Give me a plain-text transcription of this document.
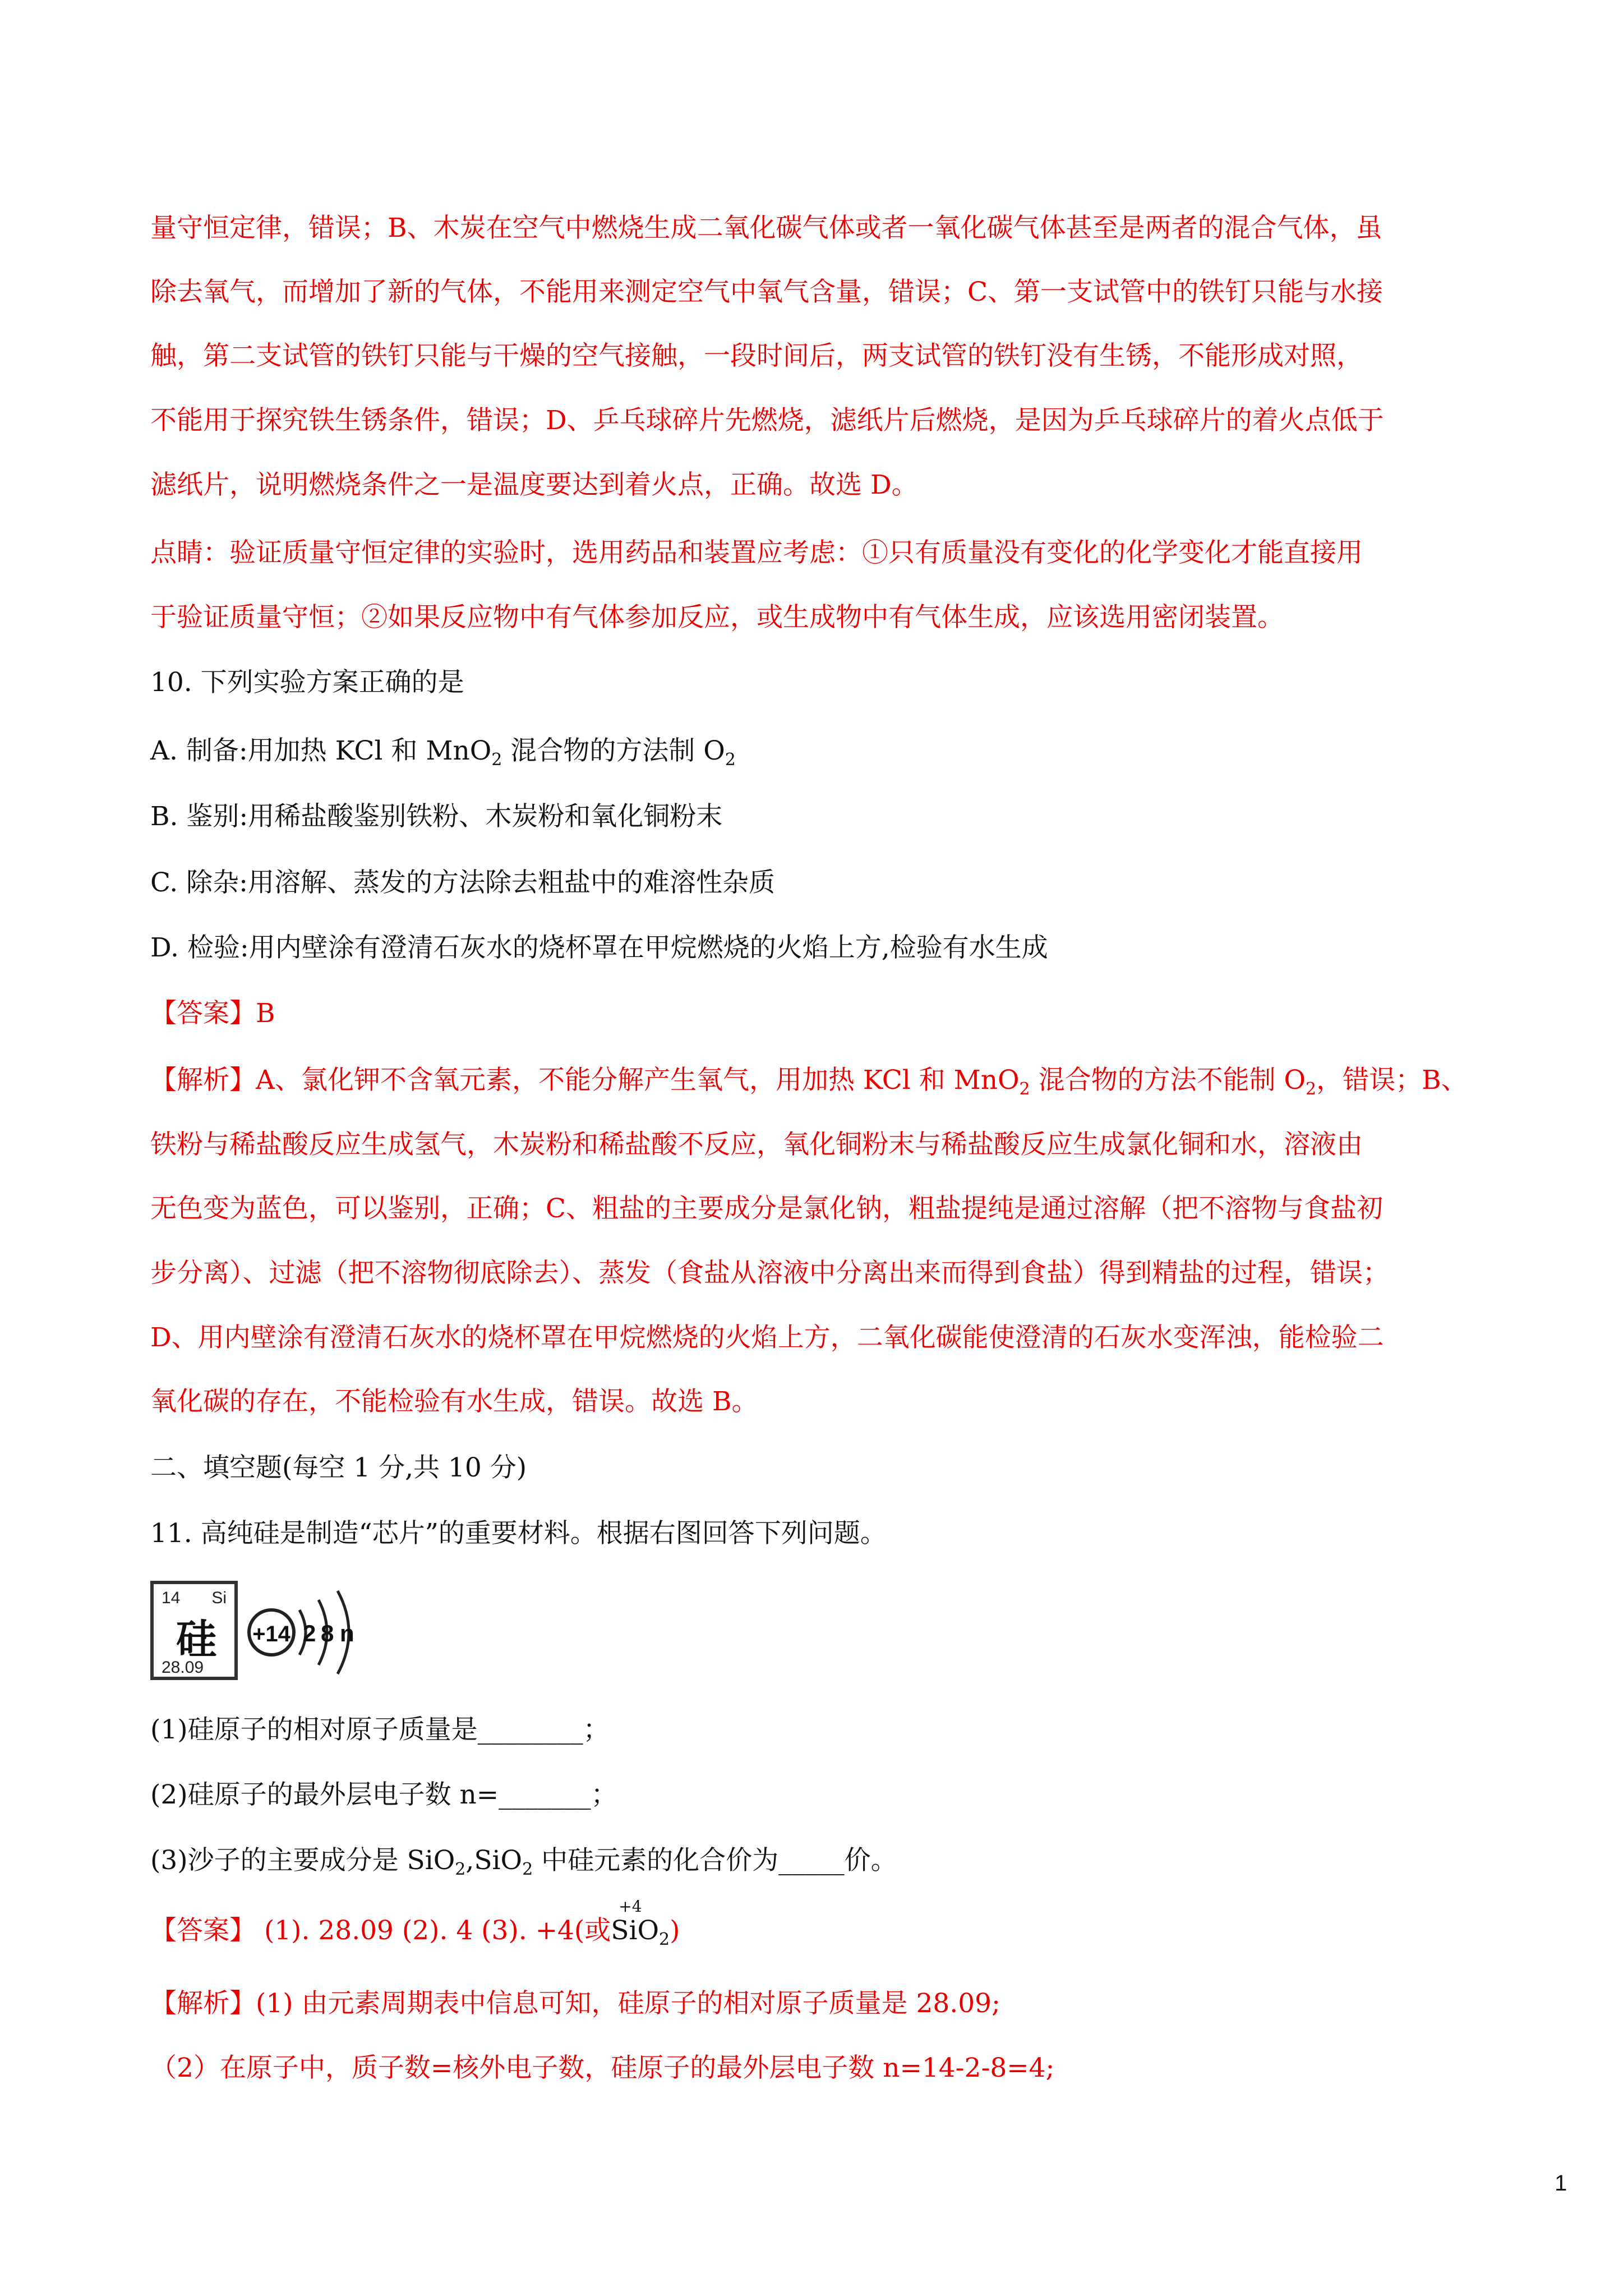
量守恒定律，错误；B、木炭在空气中燃烧生成二氧化碳气体或者一氧化碳气体甚至是两者的混合气体，虽
除去氧气，而增加了新的气体，不能用来测定空气中氧气含量，错误；C、第一支试管中的铁钉只能与水接
触，第二支试管的铁钉只能与干燥的空气接触，一段时间后，两支试管的铁钉没有生锈，不能形成对照，
不能用于探究铁生锈条件，错误；D、乒乓球碎片先燃烧，滤纸片后燃烧，是因为乒乓球碎片的着火点低于
滤纸片，说明燃烧条件之一是温度要达到着火点，正确。故选 D。
点睛：验证质量守恒定律的实验时，选用药品和装置应考虑：①只有质量没有变化的化学变化才能直接用
于验证质量守恒；②如果反应物中有气体参加反应，或生成物中有气体生成，应该选用密闭装置。
10. 下列实验方案正确的是
A. 制备:用加热 KCl 和 MnO$_2$ 混合物的方法制 $O_2$
B. 鉴别:用稀盐酸鉴别铁粉、木炭粉和氧化铜粉末
C. 除杂:用溶解、蒸发的方法除去粗盐中的难溶性杂质
D. 检验:用内壁涂有澄清石灰水的烧杯罩在甲烷燃烧的火焰上方,检验有水生成
【答案】B
【解析】A、氯化钾不含氧元素，不能分解产生氧气，用加热 KCl 和 MnO$_2$ 混合物的方法不能制 $O_2$，错误；B、
铁粉与稀盐酸反应生成氢气，木炭粉和稀盐酸不反应，氧化铜粉末与稀盐酸反应生成氯化铜和水，溶液由
无色变为蓝色，可以鉴别，正确；C、粗盐的主要成分是氯化钠，粗盐提纯是通过溶解（把不溶物与食盐初
步分离）、过滤（把不溶物彻底除去）、蒸发（食盐从溶液中分离出来而得到食盐）得到精盐的过程，错误；
D、用内壁涂有澄清石灰水的烧杯罩在甲烷燃烧的火焰上方，二氧化碳能使澄清的石灰水变浑浊，能检验二
氧化碳的存在，不能检验有水生成，错误。故选 B。
二、填空题(每空 1 分,共 10 分)
11. 高纯硅是制造“芯片”的重要材料。根据右图回答下列问题。
(1)硅原子的相对原子质量是________；
(2)硅原子的最外层电子数 n=_______；
(3)沙子的主要成分是 SiO$_2$,SiO$_2$ 中硅元素的化合价为_____价。
【答案】 (1). 28.09 (2). 4 (3). +4(或
+4
SiO$_2$)
【解析】(1) 由元素周期表中信息可知，硅原子的相对原子质量是 28.09;
（2）在原子中，质子数=核外电子数，硅原子的最外层电子数 n=14-2-8=4;
14 Si
硅
28.09
+14 2 8 n
1
